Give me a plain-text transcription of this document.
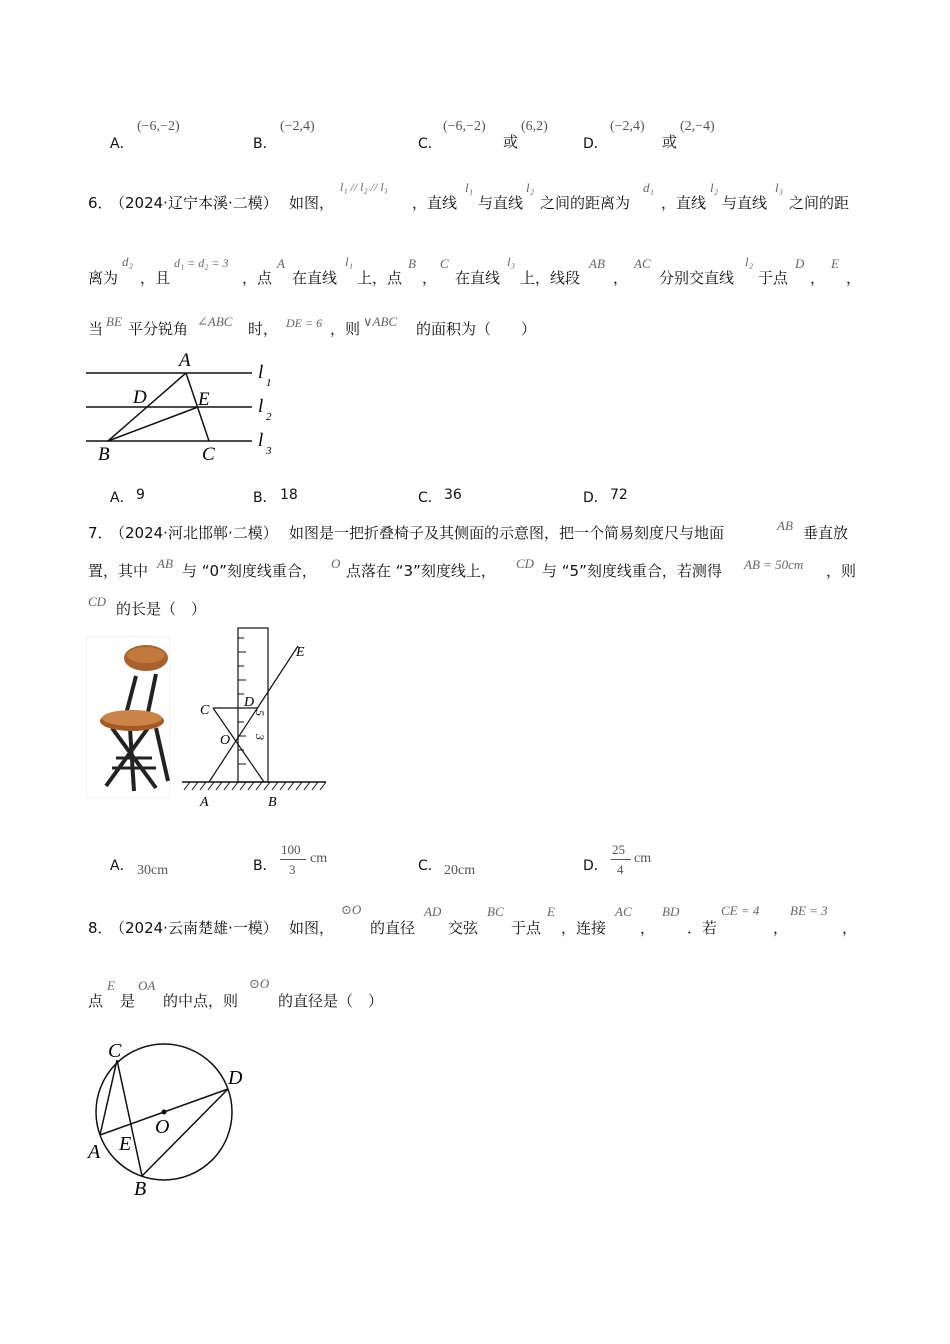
A．
(−6,−2)
B．
(−2,4)
C．
(−6,−2)
或
(6,2)
D．
(−2,4)
或
(2,−4)
6．
（2024·辽宁本溪·二模） 如图，
l₁ // l₂ // l₃
，直线
l₁
与直线
l₂
之间的距离为
d₁
，直线
l₂
与直线
l₃
之间的距
离为
d₂
，且
d₁ = d₂ = 3
，点
A
在直线
l₁
上，点
B
，
C
在直线
l₃
上，线段
AB
，
AC
分别交直线
l₂
于点
D
，
E
，
当 BE 平分锐角 ∠ABC 时， DE = 6 ，则 ∨ABC 的面积为（　　）
A
D	E
B	C
l 1
l 2
l 3
A． 9	B． 18	C． 36	D． 72
7．
（2024·河北邯郸·二模） 如图是一把折叠椅子及其侧面的示意图，把一个简易刻度尺与地面	AB 垂直放
置，其中 AB 与 “0”刻度线重合， O 点落在 “3”刻度线上， CD 与 “5”刻度线重合，若测得 AB = 50cm ，则
CD 的长是（　）
E
C
D
O
A	B
5
3
A． 30cm	B．
100
3
cm	C． 20cm	D．
25
4
cm
8．
（2024·云南楚雄·一模） 如图，
⊙O
的直径
AD
交弦
BC
于点
E
，连接
AC
，
BD
．若
CE = 4
，
BE = 3
，
点
E
是
OA
的中点，则
⊙O
的直径是（　）
C
D
O
A E
B
